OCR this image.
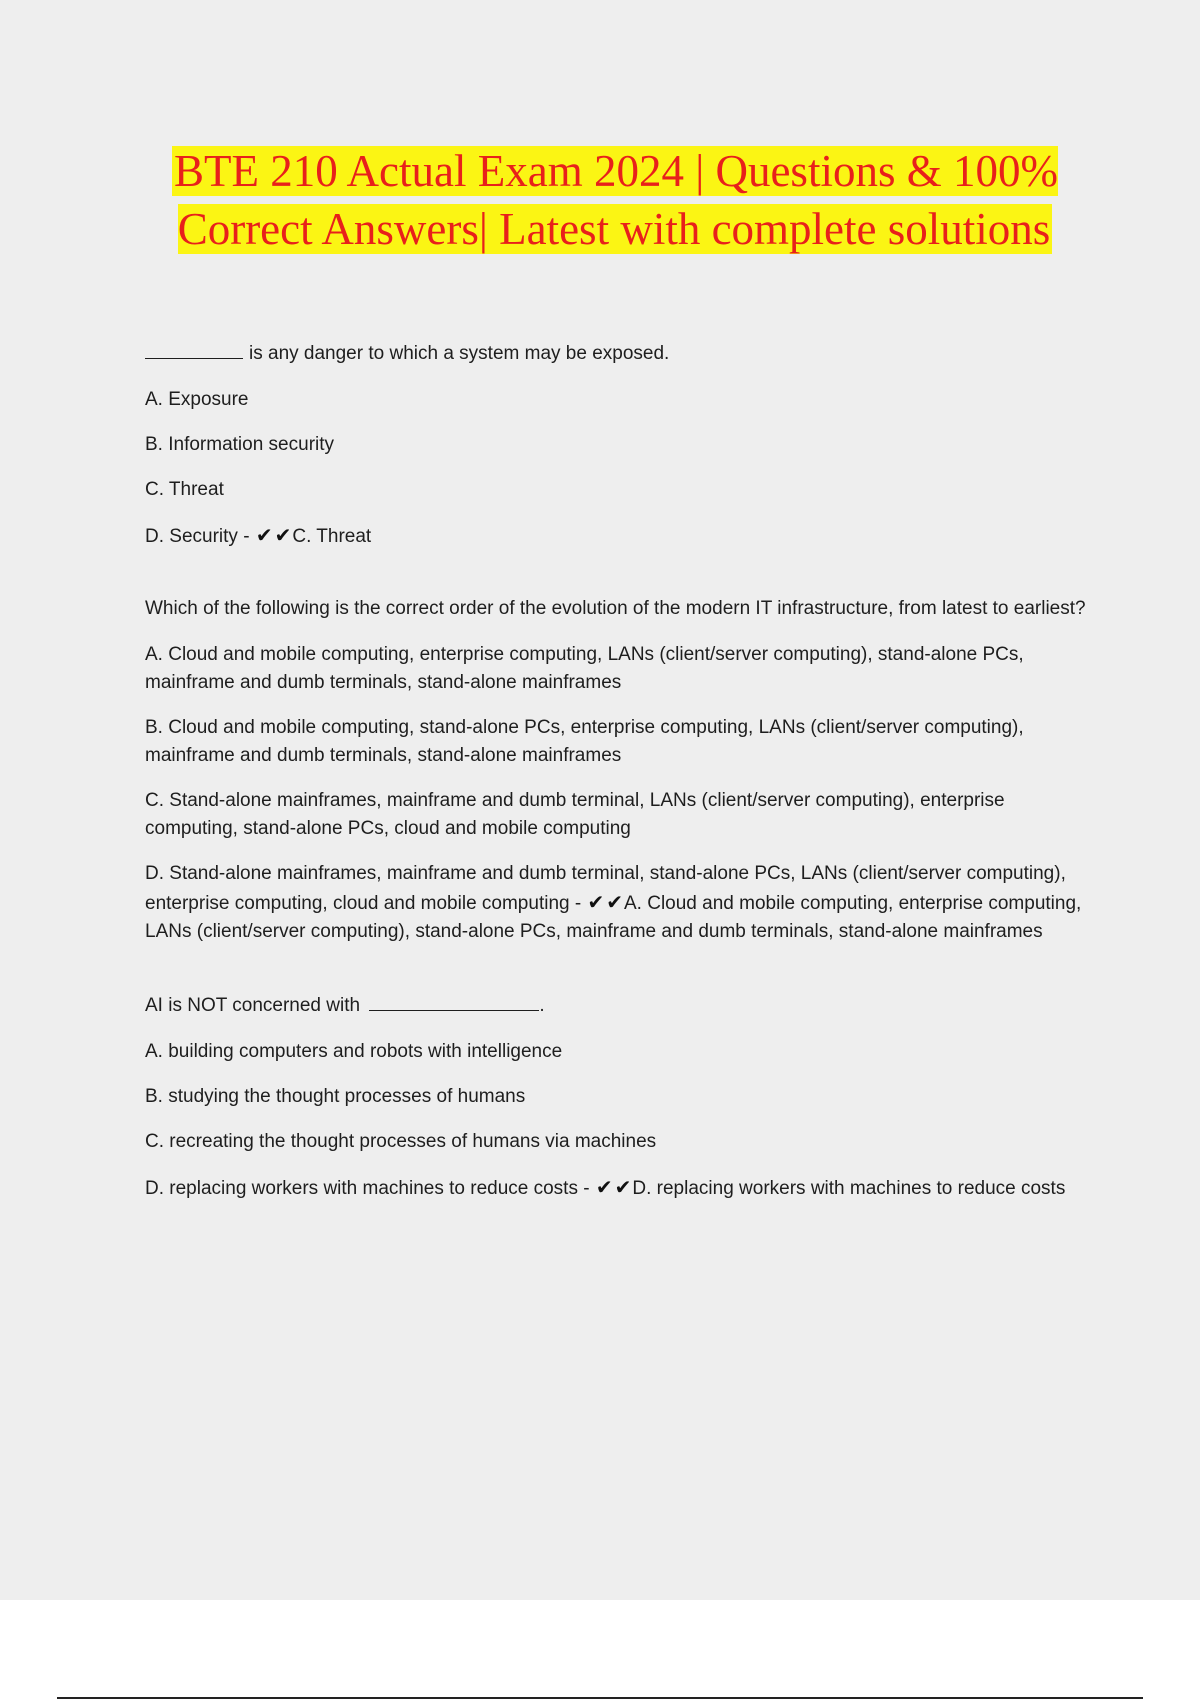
BTE 210 Actual Exam 2024 | Questions & 100% Correct Answers| Latest with complete solutions

is any danger to which a system may be exposed.

A. Exposure

B. Information security

C. Threat

D. Security - ✔ ✔C. Threat

Which of the following is the correct order of the evolution of the modern IT infrastructure, from latest to earliest?

A. Cloud and mobile computing, enterprise computing, LANs (client/server computing), stand-alone PCs, mainframe and dumb terminals, stand-alone mainframes

B. Cloud and mobile computing, stand-alone PCs, enterprise computing, LANs (client/server computing), mainframe and dumb terminals, stand-alone mainframes

C. Stand-alone mainframes, mainframe and dumb terminal, LANs (client/server computing), enterprise computing, stand-alone PCs, cloud and mobile computing

D. Stand-alone mainframes, mainframe and dumb terminal, stand-alone PCs, LANs (client/server computing), enterprise computing, cloud and mobile computing - ✔ ✔A. Cloud and mobile computing, enterprise computing, LANs (client/server computing), stand-alone PCs, mainframe and dumb terminals, stand-alone mainframes

AI is NOT concerned with	.

A. building computers and robots with intelligence

B. studying the thought processes of humans

C. recreating the thought processes of humans via machines

D. replacing workers with machines to reduce costs - ✔ ✔D. replacing workers with machines to reduce costs
